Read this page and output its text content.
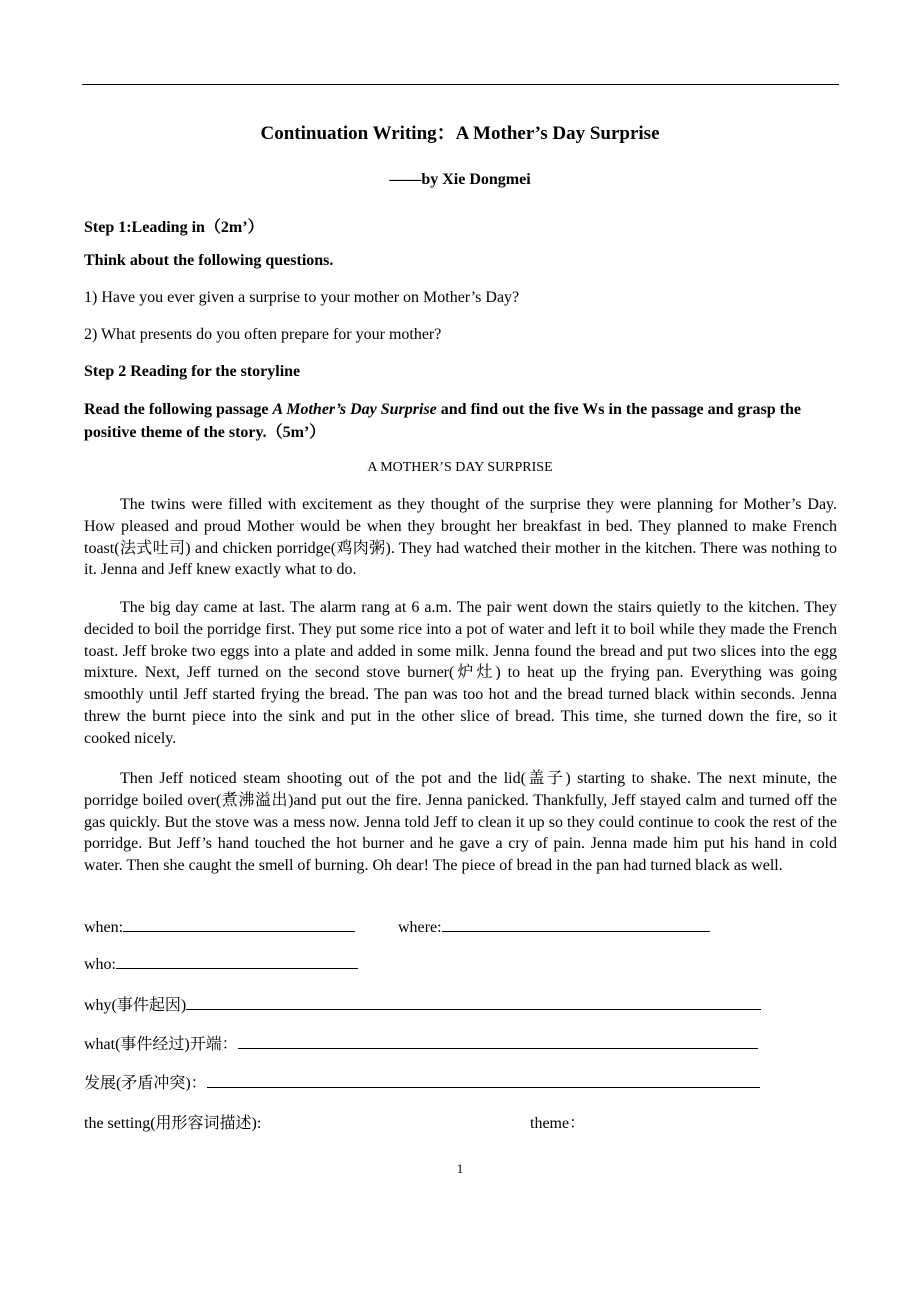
Continuation Writing：A Mother’s Day Surprise
——by Xie Dongmei
Step 1:Leading in（2m’）
Think about the following questions.
1) Have you ever given a surprise to your mother on Mother’s Day?
2) What presents do you often prepare for your mother?
Step 2 Reading for the storyline
Read the following passage A Mother’s Day Surprise and find out the five Ws in the passage and grasp the positive theme of the story.（5m’）
A MOTHER’S DAY SURPRISE

The twins were filled with excitement as they thought of the surprise they were planning for Mother’s Day. How pleased and proud Mother would be when they brought her breakfast in bed. They planned to make French toast(法式吐司) and chicken porridge(鸡肉粥). They had watched their mother in the kitchen. There was nothing to it. Jenna and Jeff knew exactly what to do.

The big day came at last. The alarm rang at 6 a.m. The pair went down the stairs quietly to the kitchen. They decided to boil the porridge first. They put some rice into a pot of water and left it to boil while they made the French toast. Jeff broke two eggs into a plate and added in some milk. Jenna found the bread and put two slices into the egg mixture. Next, Jeff turned on the second stove burner(炉灶) to heat up the frying pan. Everything was going smoothly until Jeff started frying the bread. The pan was too hot and the bread turned black within seconds. Jenna threw the burnt piece into the sink and put in the other slice of bread. This time, she turned down the fire, so it cooked nicely.

Then Jeff noticed steam shooting out of the pot and the lid(盖子) starting to shake. The next minute, the porridge boiled over(煮沸溢出)and put out the fire. Jenna panicked. Thankfully, Jeff stayed calm and turned off the gas quickly. But the stove was a mess now. Jenna told Jeff to clean it up so they could continue to cook the rest of the porridge. But Jeff’s hand touched the hot burner and he gave a cry of pain. Jenna made him put his hand in cold water. Then she caught the smell of burning. Oh dear! The piece of bread in the pan had turned black as well.

when:	where:
who:
why(事件起因)
what(事件经过)开端：
发展(矛盾冲突)：
the setting(用形容词描述):	theme：
1
